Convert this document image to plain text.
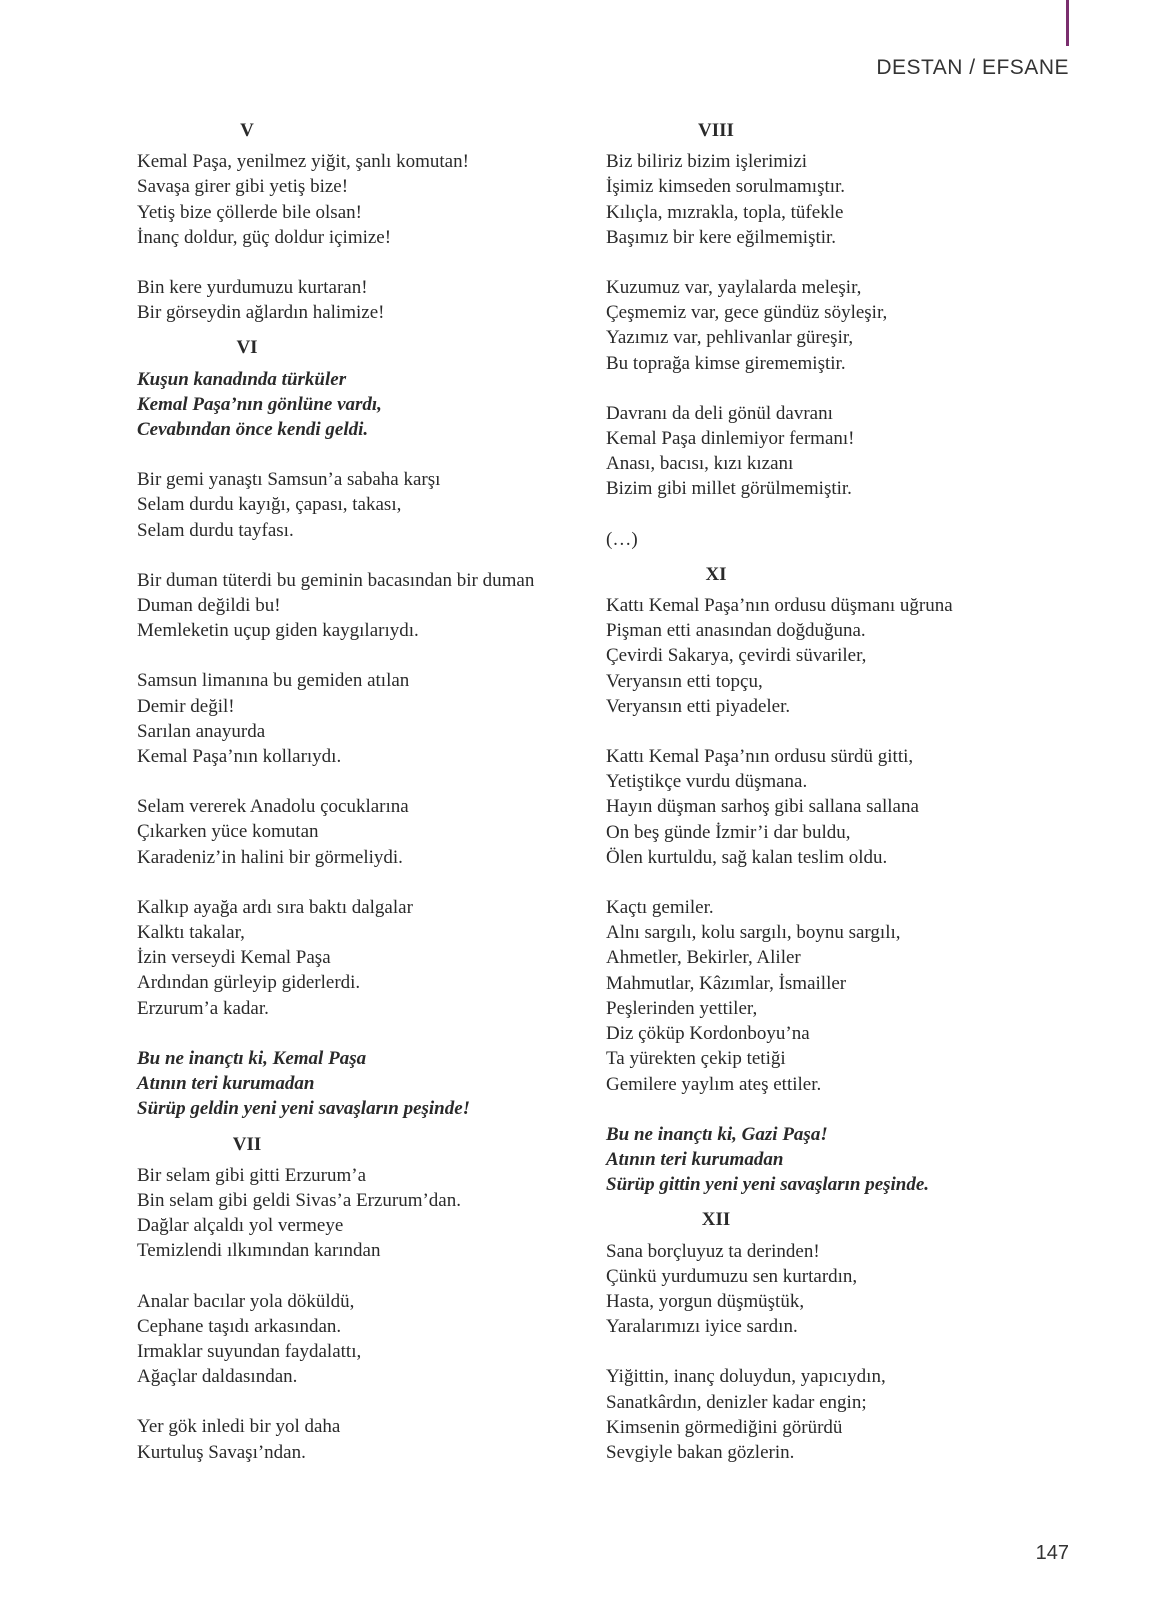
DESTAN / EFSANE
V
Kemal Paşa, yenilmez yiğit, şanlı komutan!
Savaşa girer gibi yetiş bize!
Yetiş bize çöllerde bile olsan!
İnanç doldur, güç doldur içimize!
Bin kere yurdumuzu kurtaran!
Bir görseydin ağlardın halimize!
VI
Kuşun kanadında türküler
Kemal Paşa’nın gönlüne vardı,
Cevabından önce kendi geldi.
Bir gemi yanaştı Samsun’a sabaha karşı
Selam durdu kayığı, çapası, takası,
Selam durdu tayfası.
Bir duman tüterdi bu geminin bacasından bir duman
Duman değildi bu!
Memleketin uçup giden kaygılarıydı.
Samsun limanına bu gemiden atılan
Demir değil!
Sarılan anayurda
Kemal Paşa’nın kollarıydı.
Selam vererek Anadolu çocuklarına
Çıkarken yüce komutan
Karadeniz’in halini bir görmeliydi.
Kalkıp ayağa ardı sıra baktı dalgalar
Kalktı takalar,
İzin verseydi Kemal Paşa
Ardından gürleyip giderlerdi.
Erzurum’a kadar.
Bu ne inançtı ki, Kemal Paşa
Atının teri kurumadan
Sürüp geldin yeni yeni savaşların peşinde!
VII
Bir selam gibi gitti Erzurum’a
Bin selam gibi geldi Sivas’a Erzurum’dan.
Dağlar alçaldı yol vermeye
Temizlendi ılkımından karından
Analar bacılar yola döküldü,
Cephane taşıdı arkasından.
Irmaklar suyundan faydalattı,
Ağaçlar daldasından.
Yer gök inledi bir yol daha
Kurtuluş Savaşı’ndan.
VIII
Biz biliriz bizim işlerimizi
İşimiz kimseden sorulmamıştır.
Kılıçla, mızrakla, topla, tüfekle
Başımız bir kere eğilmemiştir.
Kuzumuz var, yaylalarda meleşir,
Çeşmemiz var, gece gündüz söyleşir,
Yazımız var, pehlivanlar güreşir,
Bu toprağa kimse girememiştir.
Davranı da deli gönül davranı
Kemal Paşa dinlemiyor fermanı!
Anası, bacısı, kızı kızanı
Bizim gibi millet görülmemiştir.
(…)
XI
Kattı Kemal Paşa’nın ordusu düşmanı uğruna
Pişman etti anasından doğduğuna.
Çevirdi Sakarya, çevirdi süvariler,
Veryansın etti topçu,
Veryansın etti piyadeler.
Kattı Kemal Paşa’nın ordusu sürdü gitti,
Yetiştikçe vurdu düşmana.
Hayın düşman sarhoş gibi sallana sallana
On beş günde İzmir’i dar buldu,
Ölen kurtuldu, sağ kalan teslim oldu.
Kaçtı gemiler.
Alnı sargılı, kolu sargılı, boynu sargılı,
Ahmetler, Bekirler, Aliler
Mahmutlar, Kâzımlar, İsmailler
Peşlerinden yettiler,
Diz çöküp Kordonboyu’na
Ta yürekten çekip tetiği
Gemilere yaylım ateş ettiler.
Bu ne inançtı ki, Gazi Paşa!
Atının teri kurumadan
Sürüp gittin yeni yeni savaşların peşinde.
XII
Sana borçluyuz ta derinden!
Çünkü yurdumuzu sen kurtardın,
Hasta, yorgun düşmüştük,
Yaralarımızı iyice sardın.
Yiğittin, inanç doluydun, yapıcıydın,
Sanatkârdın, denizler kadar engin;
Kimsenin görmediğini görürdü
Sevgiyle bakan gözlerin.
147
